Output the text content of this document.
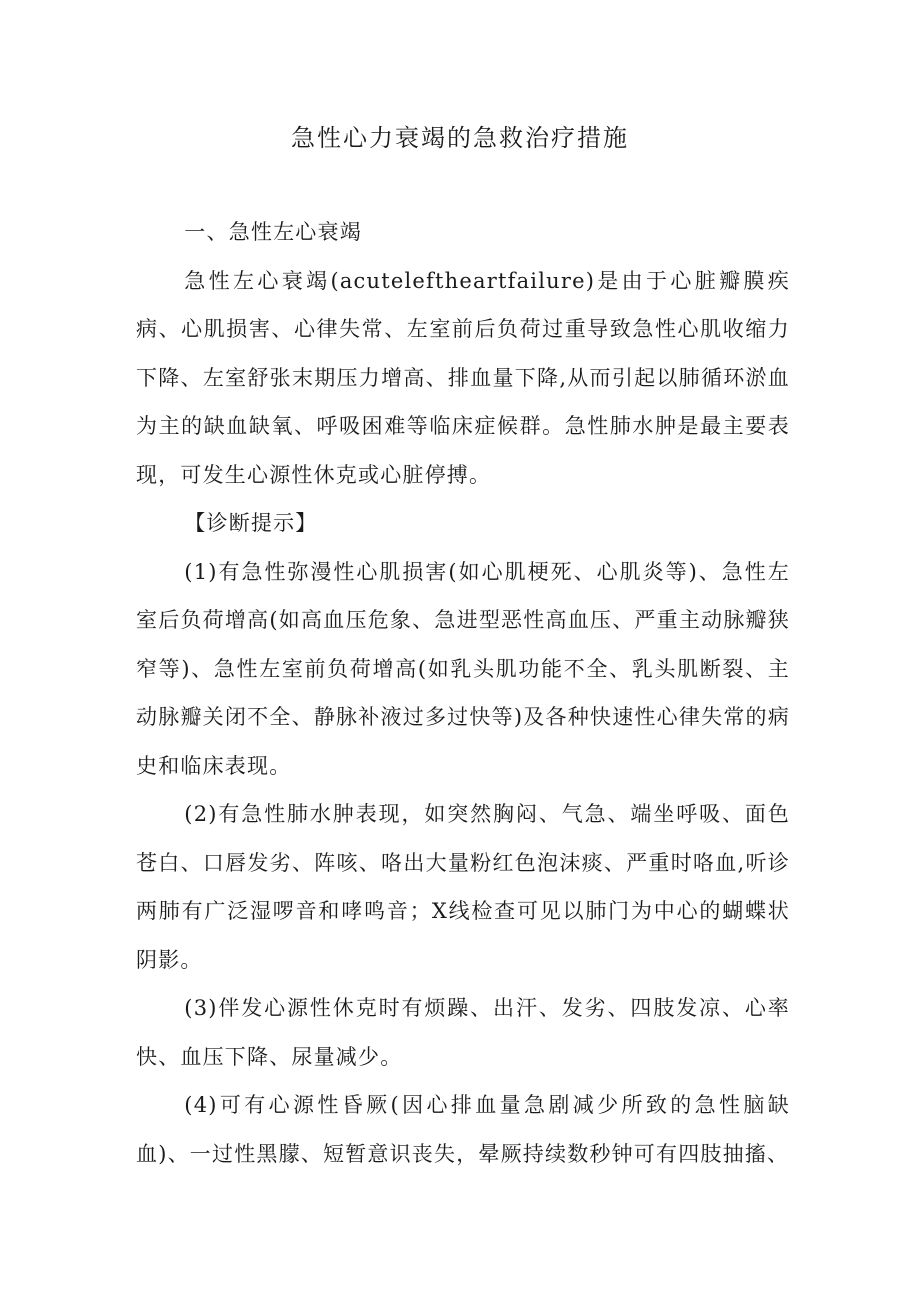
急性心力衰竭的急救治疗措施

一、急性左心衰竭

急性左心衰竭(acuteleftheartfailure)是由于心脏瓣膜疾病、心肌损害、心律失常、左室前后负荷过重导致急性心肌收缩力下降、左室舒张末期压力增高、排血量下降,从而引起以肺循环淤血为主的缺血缺氧、呼吸困难等临床症候群。急性肺水肿是最主要表现，可发生心源性休克或心脏停搏。

【诊断提示】

(1)有急性弥漫性心肌损害(如心肌梗死、心肌炎等)、急性左室后负荷增高(如高血压危象、急进型恶性高血压、严重主动脉瓣狭窄等)、急性左室前负荷增高(如乳头肌功能不全、乳头肌断裂、主动脉瓣关闭不全、静脉补液过多过快等)及各种快速性心律失常的病史和临床表现。

(2)有急性肺水肿表现，如突然胸闷、气急、端坐呼吸、面色苍白、口唇发劣、阵咳、咯出大量粉红色泡沫痰、严重时咯血,听诊两肺有广泛湿啰音和哮鸣音；X线检查可见以肺门为中心的蝴蝶状阴影。

(3)伴发心源性休克时有烦躁、出汗、发劣、四肢发凉、心率快、血压下降、尿量减少。

(4)可有心源性昏厥(因心排血量急剧减少所致的急性脑缺血)、一过性黑朦、短暂意识丧失，晕厥持续数秒钟可有四肢抽搐、
